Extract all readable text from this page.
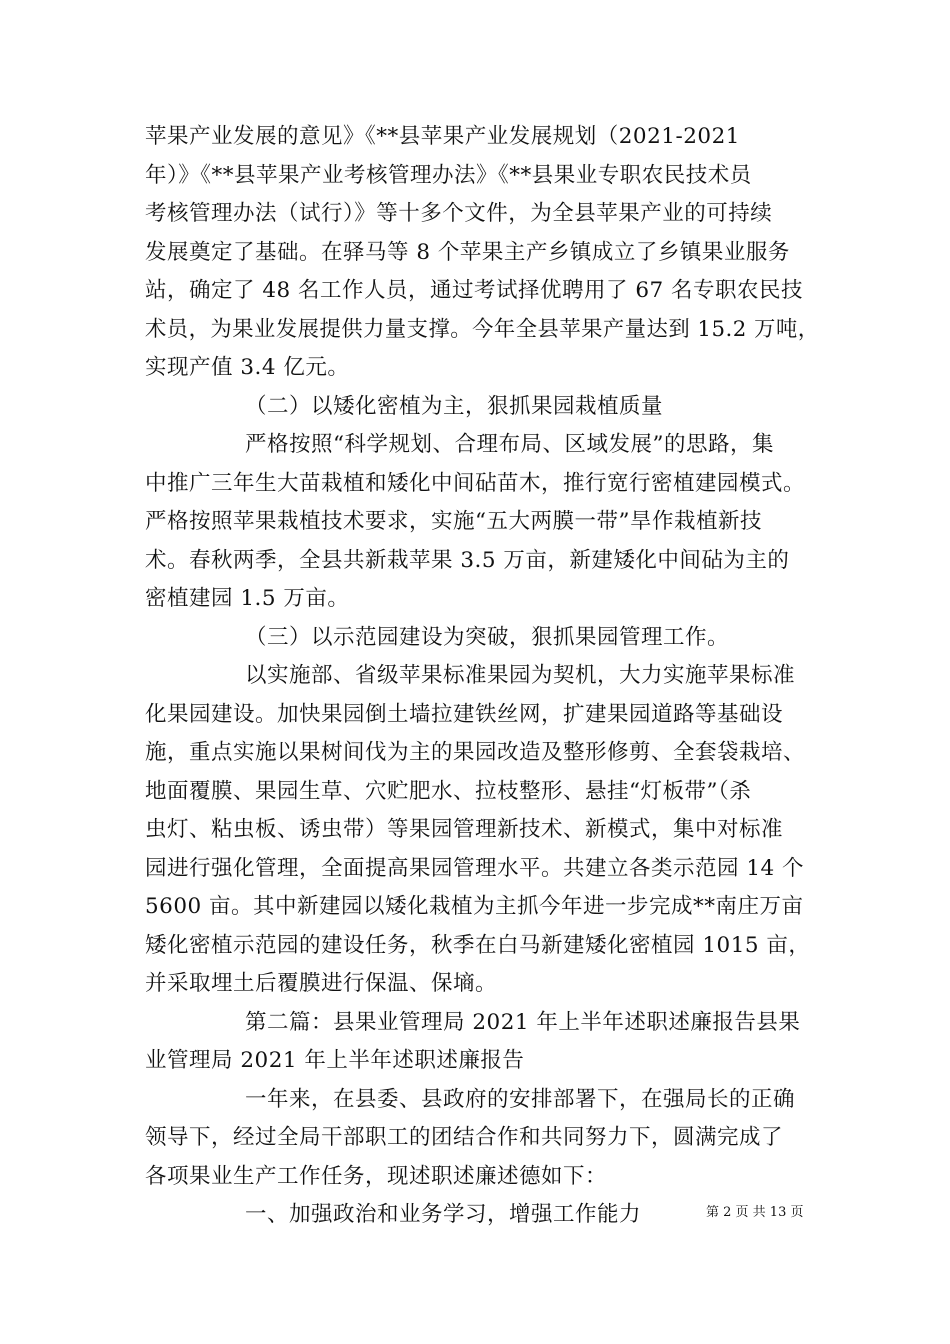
苹果产业发展的意见》《**县苹果产业发展规划（2021-2021
年）》《**县苹果产业考核管理办法》《**县果业专职农民技术员
考核管理办法（试行）》等十多个文件，为全县苹果产业的可持续
发展奠定了基础。在驿马等 8 个苹果主产乡镇成立了乡镇果业服务
站，确定了 48 名工作人员，通过考试择优聘用了 67 名专职农民技
术员，为果业发展提供力量支撑。今年全县苹果产量达到 15.2 万吨，
实现产值 3.4 亿元。
（二）以矮化密植为主，狠抓果园栽植质量
严格按照“科学规划、合理布局、区域发展”的思路，集
中推广三年生大苗栽植和矮化中间砧苗木，推行宽行密植建园模式。
严格按照苹果栽植技术要求，实施“五大两膜一带”旱作栽植新技
术。春秋两季，全县共新栽苹果 3.5 万亩，新建矮化中间砧为主的
密植建园 1.5 万亩。
（三）以示范园建设为突破，狠抓果园管理工作。
以实施部、省级苹果标准果园为契机，大力实施苹果标准
化果园建设。加快果园倒土墙拉建铁丝网，扩建果园道路等基础设
施，重点实施以果树间伐为主的果园改造及整形修剪、全套袋栽培、
地面覆膜、果园生草、穴贮肥水、拉枝整形、悬挂“灯板带”（杀
虫灯、粘虫板、诱虫带）等果园管理新技术、新模式，集中对标准
园进行强化管理，全面提高果园管理水平。共建立各类示范园 14 个
5600 亩。其中新建园以矮化栽植为主抓今年进一步完成**南庄万亩
矮化密植示范园的建设任务，秋季在白马新建矮化密植园 1015 亩，
并采取埋土后覆膜进行保温、保墒。
第二篇：县果业管理局 2021 年上半年述职述廉报告县果
业管理局 2021 年上半年述职述廉报告
一年来，在县委、县政府的安排部署下，在强局长的正确
领导下，经过全局干部职工的团结合作和共同努力下，圆满完成了
各项果业生产工作任务，现述职述廉述德如下：
一、加强政治和业务学习，增强工作能力	第 2 页 共 13 页
